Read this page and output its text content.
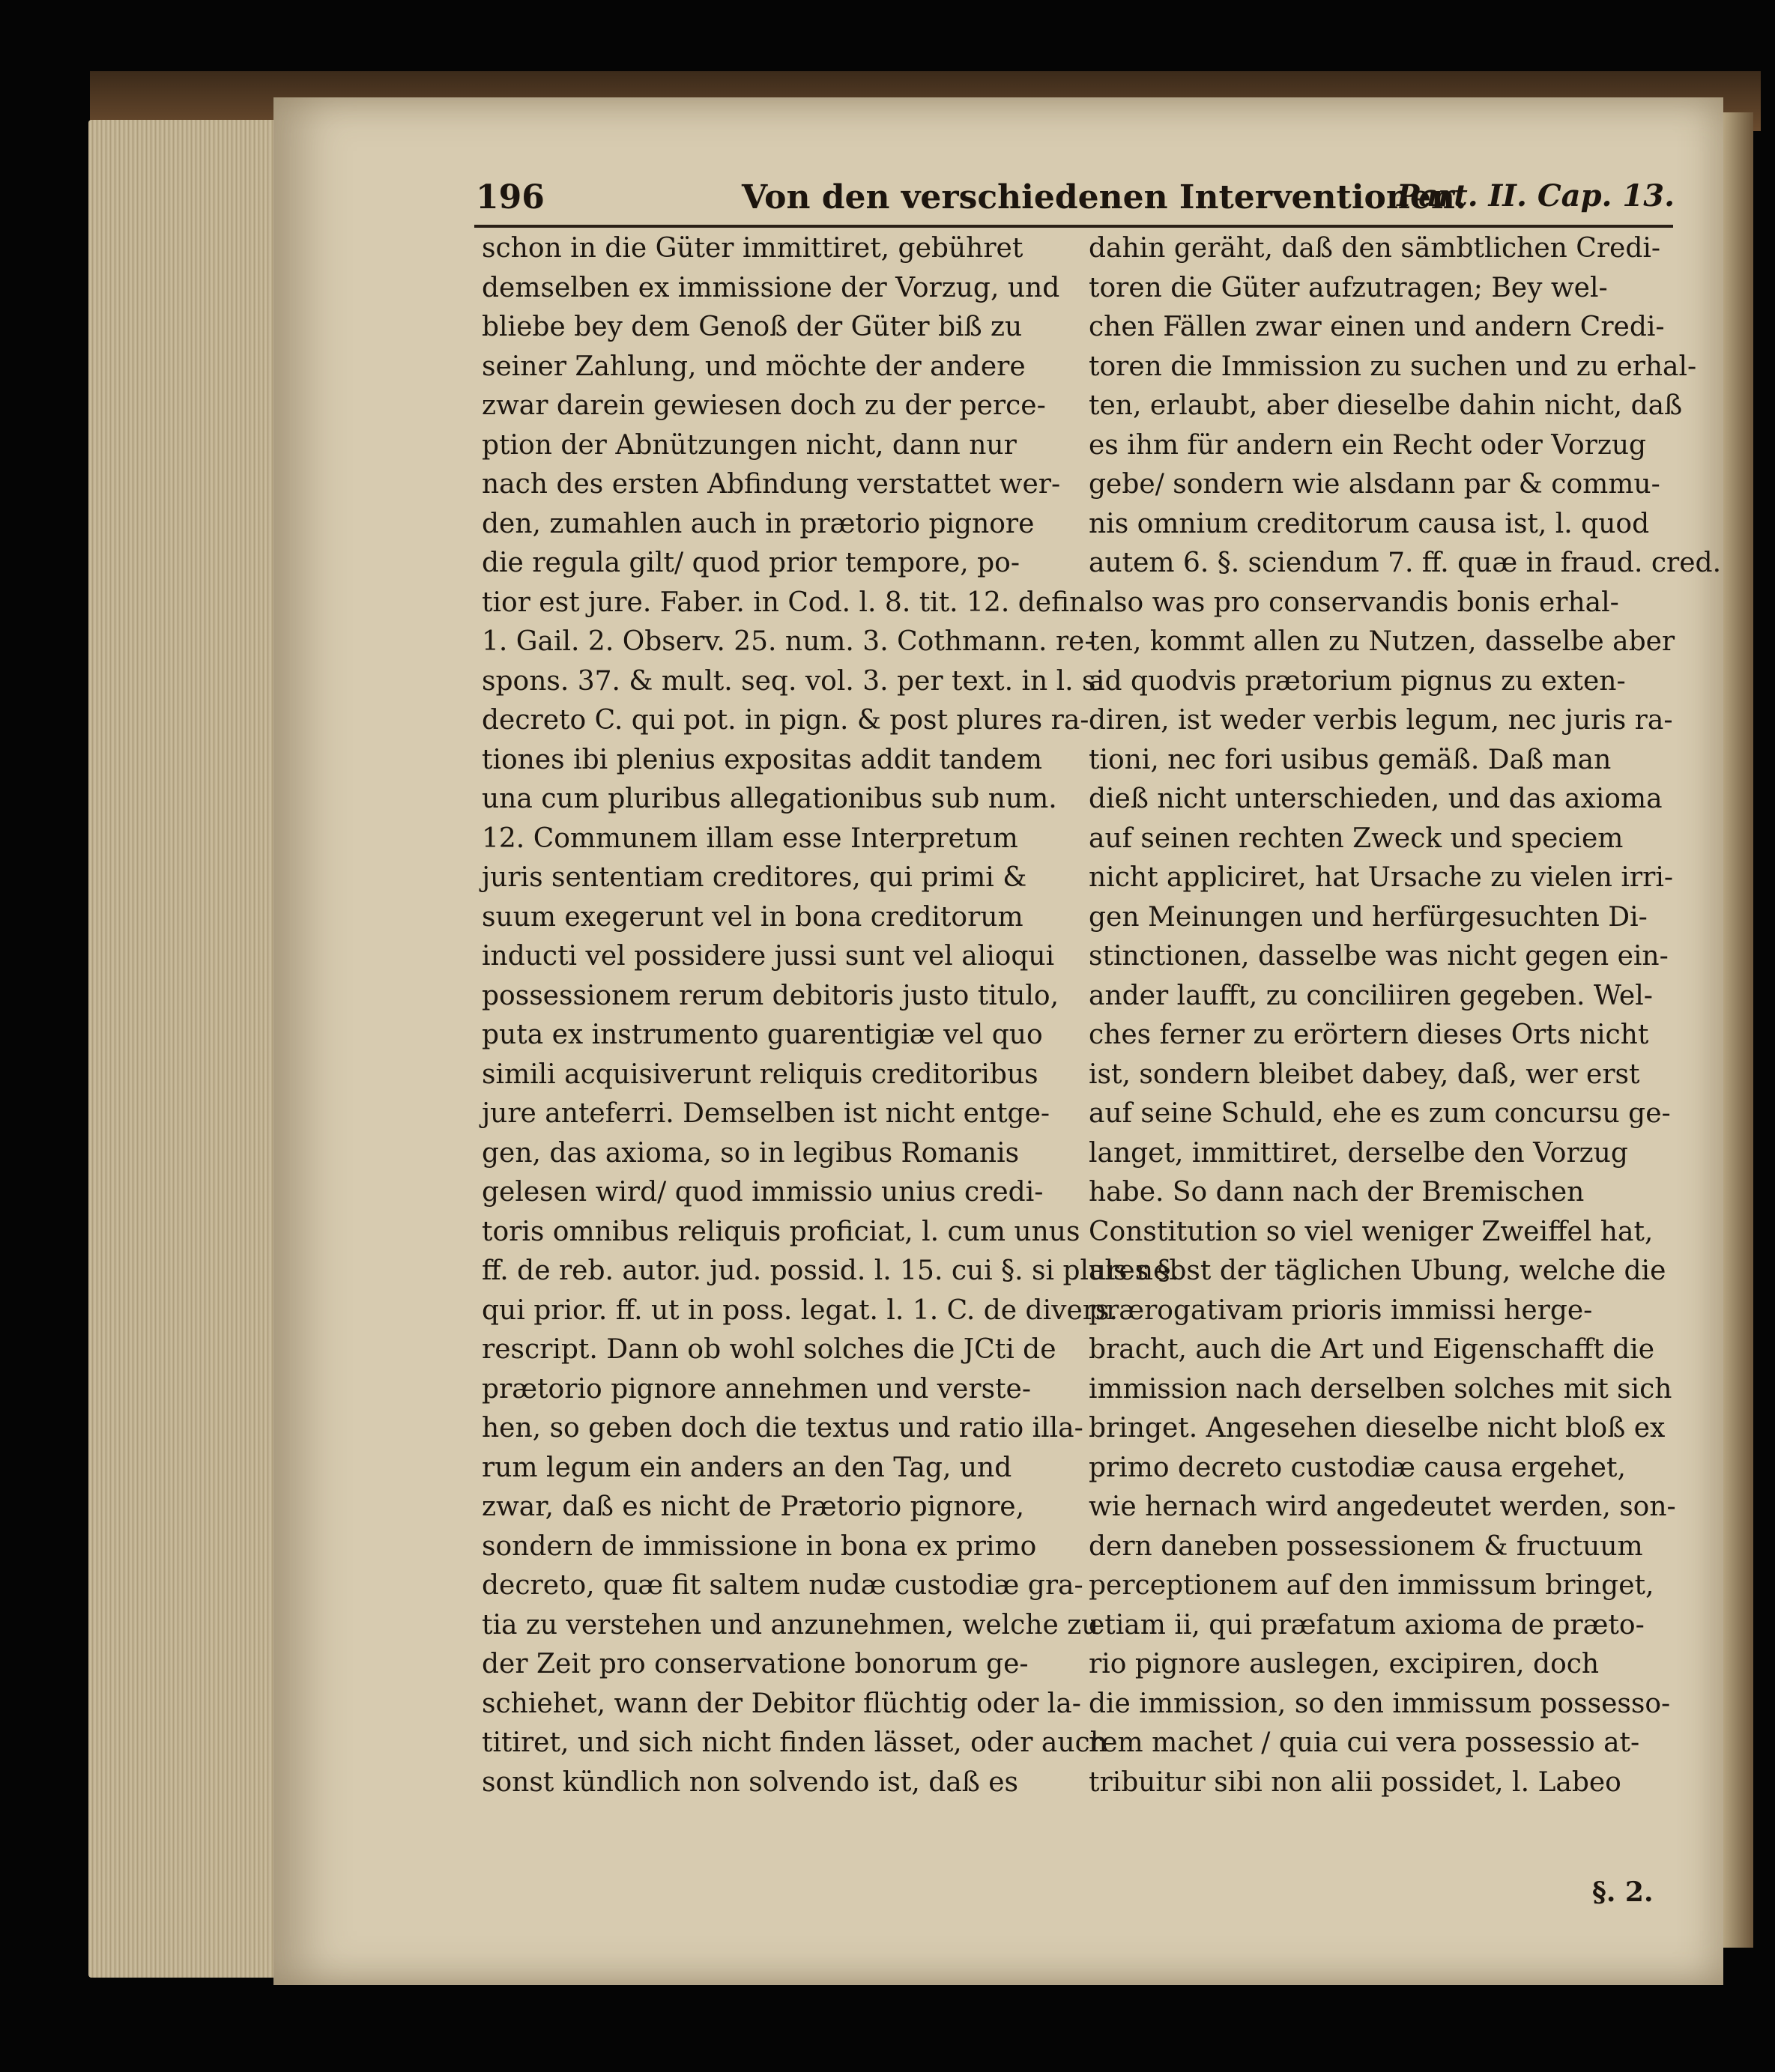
196	Von den verschiedenen Interventionen.
Part. II. Cap. 13.
schon in die Güter immittiret, gebühret
demselben ex immissione der Vorzug, und
bliebe bey dem Genoß der Güter biß zu
seiner Zahlung, und möchte der andere
zwar darein gewiesen doch zu der perce-
ption der Abnützungen nicht, dann nur
nach des ersten Abfindung verstattet wer-
den, zumahlen auch in prætorio pignore
die regula gilt/ quod prior tempore, po-
tior est jure. Faber. in Cod. l. 8. tit. 12. defin.
1. Gail. 2. Observ. 25. num. 3. Cothmann. re-
spons. 37. & mult. seq. vol. 3. per text. in l. si
decreto C. qui pot. in pign. & post plures ra-
tiones ibi plenius expositas addit tandem
una cum pluribus allegationibus sub num.
12. Communem illam esse Interpretum
juris sententiam creditores, qui primi &
suum exegerunt vel in bona creditorum
inducti vel possidere jussi sunt vel alioqui
possessionem rerum debitoris justo titulo,
puta ex instrumento guarentigiæ vel quo
simili acquisiverunt reliquis creditoribus
jure anteferri. Demselben ist nicht entge-
gen, das axioma, so in legibus Romanis
gelesen wird/ quod immissio unius credi-
toris omnibus reliquis proficiat, l. cum unus
ff. de reb. autor. jud. possid. l. 15. cui §. si plures §.
qui prior. ff. ut in poss. legat. l. 1. C. de divers.
rescript. Dann ob wohl solches die JCti de
prætorio pignore annehmen und verste-
hen, so geben doch die textus und ratio illa-
rum legum ein anders an den Tag, und
zwar, daß es nicht de Prætorio pignore,
sondern de immissione in bona ex primo
decreto, quæ fit saltem nudæ custodiæ gra-
tia zu verstehen und anzunehmen, welche zu
der Zeit pro conservatione bonorum ge-
schiehet, wann der Debitor flüchtig oder la-
titiret, und sich nicht finden lässet, oder auch
sonst kündlich non solvendo ist, daß es
dahin geräht, daß den sämbtlichen Credi-
toren die Güter aufzutragen; Bey wel-
chen Fällen zwar einen und andern Credi-
toren die Immission zu suchen und zu erhal-
ten, erlaubt, aber dieselbe dahin nicht, daß
es ihm für andern ein Recht oder Vorzug
gebe/ sondern wie alsdann par & commu-
nis omnium creditorum causa ist, l. quod
autem 6. §. sciendum 7. ff. quæ in fraud. cred.
also was pro conservandis bonis erhal-
ten, kommt allen zu Nutzen, dasselbe aber
ad quodvis prætorium pignus zu exten-
diren, ist weder verbis legum, nec juris ra-
tioni, nec fori usibus gemäß. Daß man
dieß nicht unterschieden, und das axioma
auf seinen rechten Zweck und speciem
nicht appliciret, hat Ursache zu vielen irri-
gen Meinungen und herfürgesuchten Di-
stinctionen, dasselbe was nicht gegen ein-
ander laufft, zu conciliiren gegeben. Wel-
ches ferner zu erörtern dieses Orts nicht
ist, sondern bleibet dabey, daß, wer erst
auf seine Schuld, ehe es zum concursu ge-
langet, immittiret, derselbe den Vorzug
habe. So dann nach der Bremischen
Constitution so viel weniger Zweiffel hat,
als nebst der täglichen Ubung, welche die
prærogativam prioris immissi herge-
bracht, auch die Art und Eigenschafft die
immission nach derselben solches mit sich
bringet. Angesehen dieselbe nicht bloß ex
primo decreto custodiæ causa ergehet,
wie hernach wird angedeutet werden, son-
dern daneben possessionem & fructuum
perceptionem auf den immissum bringet,
etiam ii, qui præfatum axioma de præto-
rio pignore auslegen, excipiren, doch
die immission, so den immissum possesso-
rem machet / quia cui vera possessio at-
tribuitur sibi non alii possidet, l. Labeo
§. 2.
